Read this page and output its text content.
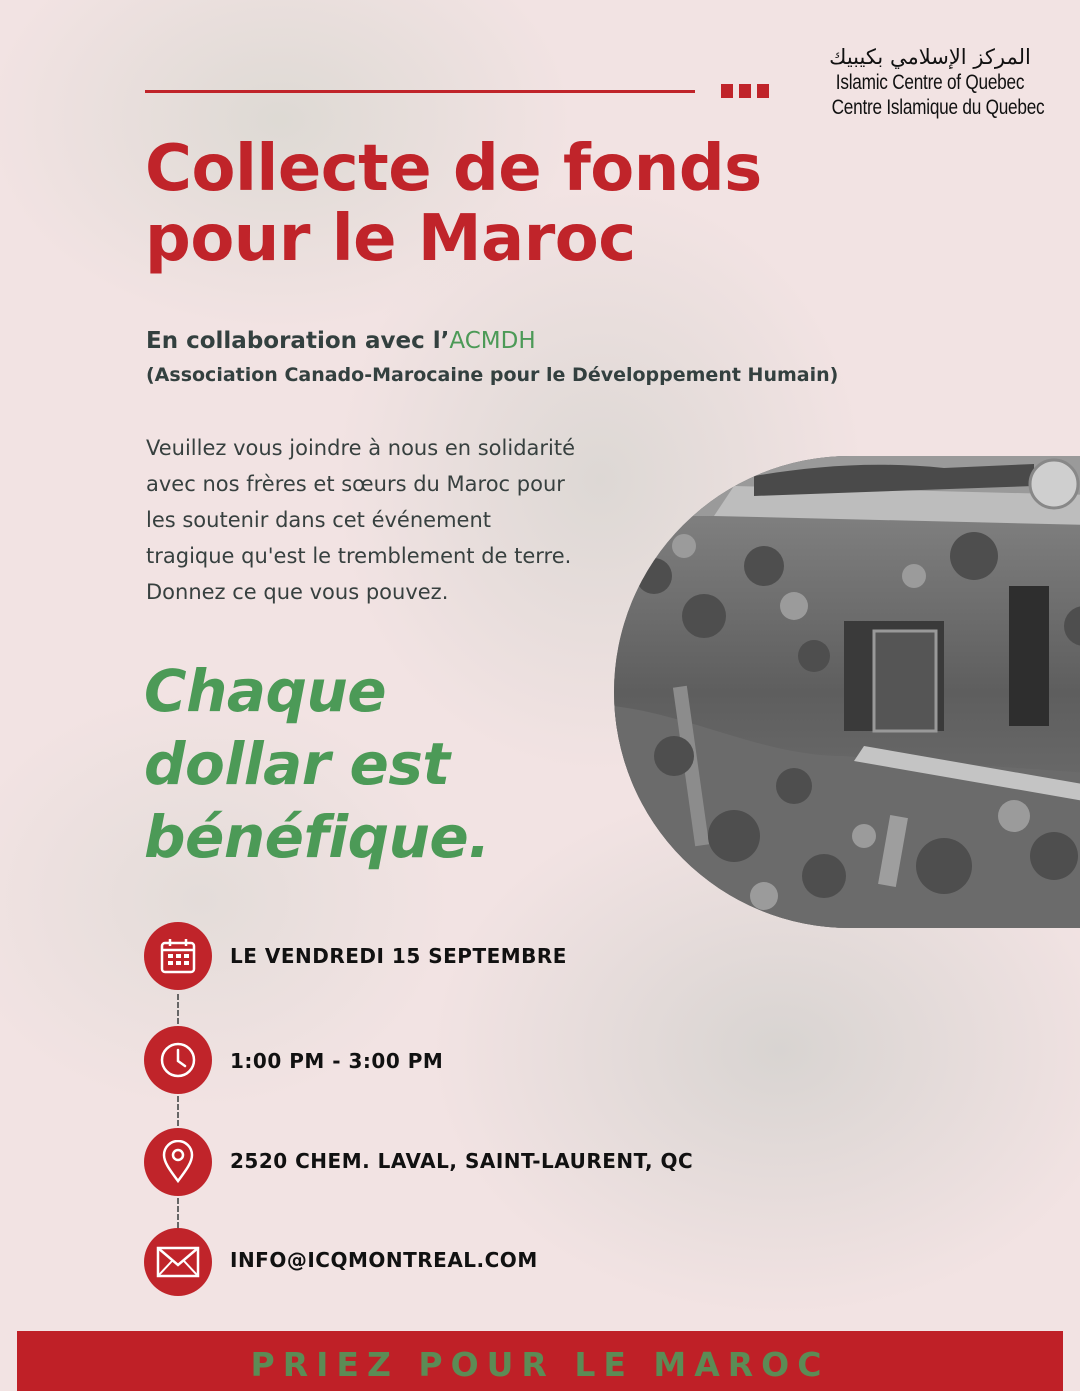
المركز الإسلامي بكيبيك
Islamic Centre of Quebec
Centre Islamique du Quebec
Collecte de fonds
pour le Maroc
En collaboration avec l’ACMDH
(Association Canado-Marocaine pour le Développement Humain)
Veuillez vous joindre à nous en solidarité
avec nos frères et sœurs du Maroc pour
les soutenir dans cet événement
tragique qu'est le tremblement de terre.
Donnez ce que vous pouvez.
Chaque
dollar est
bénéfique.
LE VENDREDI 15 SEPTEMBRE
1:00 PM - 3:00 PM
2520 CHEM. LAVAL, SAINT-LAURENT, QC
INFO@ICQMONTREAL.COM
PRIEZ POUR LE MAROC
